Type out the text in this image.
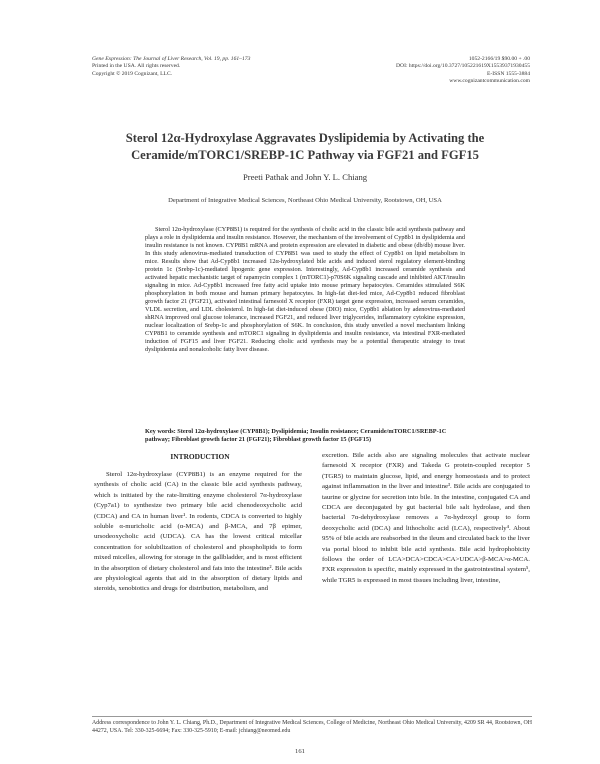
Gene Expression: The Journal of Liver Research, Vol. 19, pp. 161–173
Printed in the USA. All rights reserved.
Copyright © 2019 Cognizant, LLC.
1052-2166/19 $90.00 + .00
DOI: https://doi.org/10.3727/105221619X15539371930455
E-ISSN 1555-3884
www.cognizantcommunication.com
Sterol 12α-Hydroxylase Aggravates Dyslipidemia by Activating the Ceramide/mTORC1/SREBP-1C Pathway via FGF21 and FGF15
Preeti Pathak and John Y. L. Chiang
Department of Integrative Medical Sciences, Northeast Ohio Medical University, Rootstown, OH, USA
Sterol 12α-hydroxylase (CYP8B1) is required for the synthesis of cholic acid in the classic bile acid synthesis pathway and plays a role in dyslipidemia and insulin resistance. However, the mechanism of the involvement of Cyp8b1 in dyslipidemia and insulin resistance is not known. CYP8B1 mRNA and protein expression are elevated in diabetic and obese (db/db) mouse liver. In this study adenovirus-mediated transduction of CYP8B1 was used to study the effect of Cyp8b1 on lipid metabolism in mice. Results show that Ad-Cyp8b1 increased 12α-hydroxylated bile acids and induced sterol regulatory element-binding protein 1c (Srebp-1c)-mediated lipogenic gene expression. Interestingly, Ad-Cyp8b1 increased ceramide synthesis and activated hepatic mechanistic target of rapamycin complex 1 (mTORC1)-p70S6K signaling cascade and inhibited AKT/insulin signaling in mice. Ad-Cyp8b1 increased free fatty acid uptake into mouse primary hepatocytes. Ceramides stimulated S6K phosphorylation in both mouse and human primary hepatocytes. In high-fat diet-fed mice, Ad-Cyp8b1 reduced fibroblast growth factor 21 (FGF21), activated intestinal farnesoid X receptor (FXR) target gene expression, increased serum ceramides, VLDL secretion, and LDL cholesterol. In high-fat diet-induced obese (DIO) mice, Cyp8b1 ablation by adenovirus-mediated shRNA improved oral glucose tolerance, increased FGF21, and reduced liver triglycerides, inflammatory cytokine expression, nuclear localization of Srebp-1c and phosphorylation of S6K. In conclusion, this study unveiled a novel mechanism linking CYP8B1 to ceramide synthesis and mTORC1 signaling in dyslipidemia and insulin resistance, via intestinal FXR-mediated induction of FGF15 and liver FGF21. Reducing cholic acid synthesis may be a potential therapeutic strategy to treat dyslipidemia and nonalcoholic fatty liver disease.
Key words: Sterol 12α-hydroxylase (CYP8B1); Dyslipidemia; Insulin resistance; Ceramide/mTORC1/SREBP-1C pathway; Fibroblast growth factor 21 (FGF21); Fibroblast growth factor 15 (FGF15)
INTRODUCTION
Sterol 12α-hydroxylase (CYP8B1) is an enzyme required for the synthesis of cholic acid (CA) in the classic bile acid synthesis pathway, which is initiated by the rate-limiting enzyme cholesterol 7α-hydroxylase (Cyp7a1) to synthesize two primary bile acid chenodeoxycholic acid (CDCA) and CA in human liver¹. In rodents, CDCA is converted to highly soluble α-muricholic acid (α-MCA) and β-MCA, and 7β epimer, ursodeoxycholic acid (UDCA). CA has the lowest critical micellar concentration for solubilization of cholesterol and phospholipids to form mixed micelles, allowing for storage in the gallbladder, and is most efficient in the absorption of dietary cholesterol and fats into the intestine². Bile acids are physiological agents that aid in the absorption of dietary lipids and steroids, xenobiotics and drugs for distribution, metabolism, and
excretion. Bile acids also are signaling molecules that activate nuclear farnesoid X receptor (FXR) and Takeda G protein-coupled receptor 5 (TGR5) to maintain glucose, lipid, and energy homeostasis and to protect against inflammation in the liver and intestine³. Bile acids are conjugated to taurine or glycine for secretion into bile. In the intestine, conjugated CA and CDCA are deconjugated by gut bacterial bile salt hydrolase, and then bacterial 7α-dehydroxylase removes a 7α-hydroxyl group to form deoxycholic acid (DCA) and lithocholic acid (LCA), respectively⁴. About 95% of bile acids are reabsorbed in the ileum and circulated back to the liver via portal blood to inhibit bile acid synthesis. Bile acid hydrophobicity follows the order of LCA>DCA>CDCA>CA>UDCA>β-MCA>α-MCA. FXR expression is specific, mainly expressed in the gastrointestinal system⁵, while TGR5 is expressed in most tissues including liver, intestine,
Address correspondence to John Y. L. Chiang, Ph.D., Department of Integrative Medical Sciences, College of Medicine, Northeast Ohio Medical University, 4209 SR 44, Rootstown, OH 44272, USA. Tel: 330-325-6694; Fax: 330-325-5910; E-mail: jchiang@neomed.edu
161
